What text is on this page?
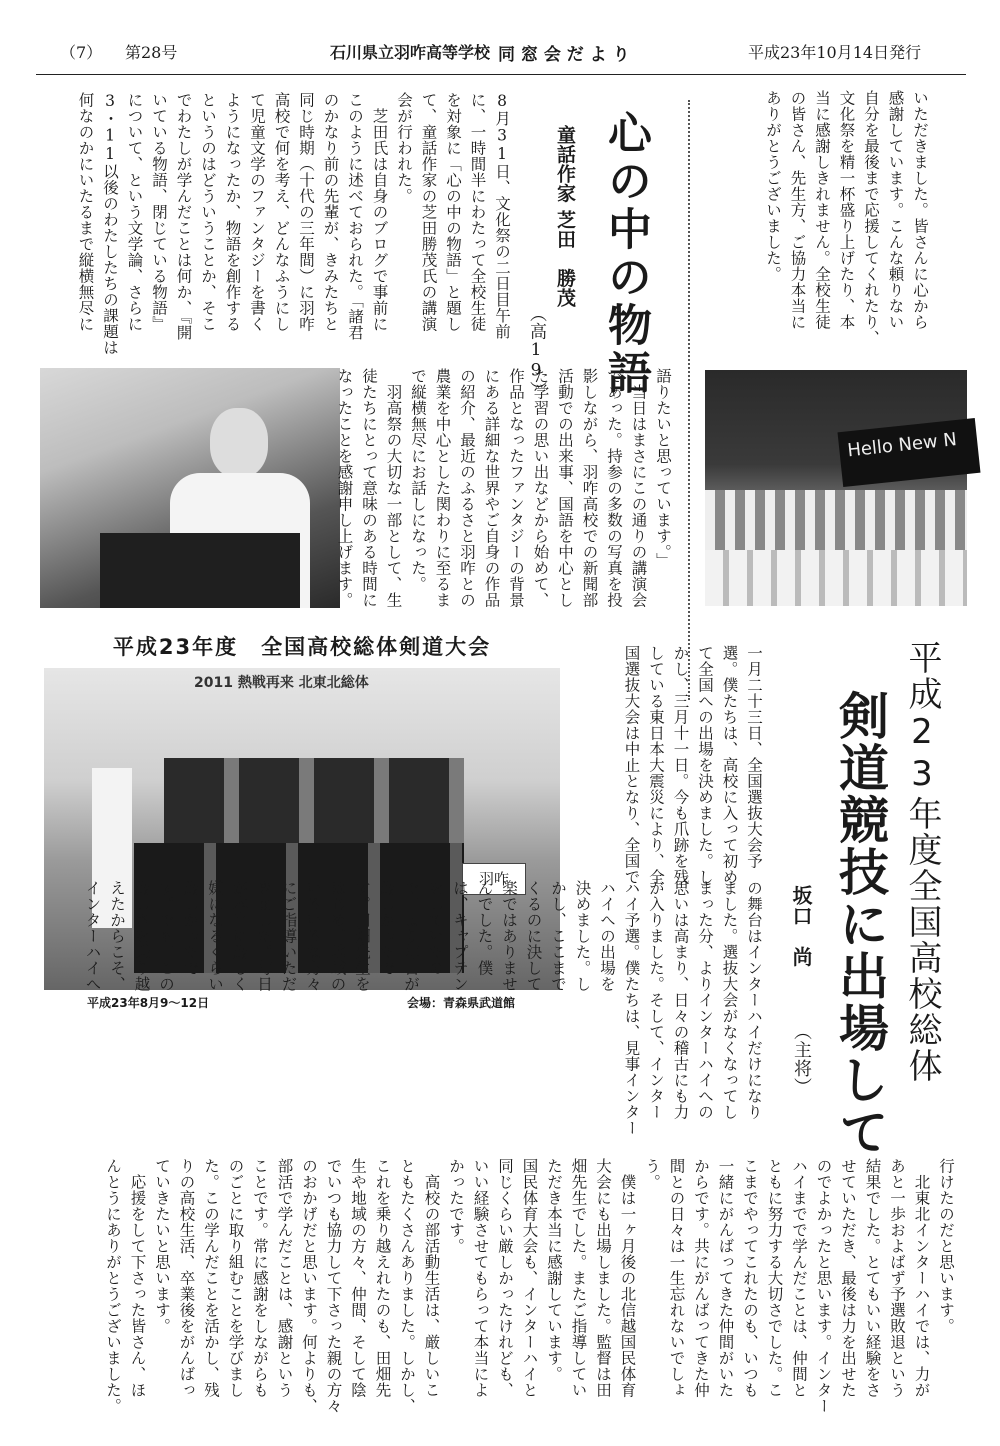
（7） 第28号	石川県立羽咋高等学校 同 窓 会 だ よ り	平成23年10月14日発行
いただきました。皆さんに心から
感謝しています。こんな頼りない
自分を最後まで応援してくれたり、
文化祭を精一杯盛り上げたり、本
当に感謝しきれません。全校生徒
の皆さん、先生方、ご協力本当に
ありがとうございました。
心の中の物語
童話作家
芝田　勝茂
（高19）
8月31日、文化祭の二日目午前
に、一時間半にわたって全校生徒
を対象に「心の中の物語」と題し
て、童話作家の芝田勝茂氏の講演
会が行われた。
　芝田氏は自身のブログで事前に
このように述べておられた。「諸君
のかなり前の先輩が、きみたちと
同じ時期（十代の三年間）に羽咋
高校で何を考え、どんなふうにし
て児童文学のファンタジーを書く
ようになったか、物語を創作する
というのはどういうことか、そこ
でわたしが学んだことは何か、『開
いている物語、閉じている物語』
について、という文学論、さらに
3・11以後のわたしたちの課題は
何なのかにいたるまで縦横無尽に
語りたいと思っています。」
　当日はまさにこの通りの講演会
であった。持参の多数の写真を投
影しながら、羽咋高校での新聞部
活動での出来事、国語を中心とし
た学習の思い出などから始めて、
作品となったファンタジーの背景
にある詳細な世界やご自身の作品
の紹介、最近のふるさと羽咋との
農業を中心とした関わりに至るま
で縦横無尽にお話しになった。
　羽高祭の大切な一部として、生
徒たちにとって意味のある時間に
なったことを感謝申し上げます。	Hello New N
平成23年度　全国高校総体剣道大会
2011 熱戦再来 北東北総体
羽咋
平成23年8月9～12日	会場：青森県武道館	平成23年度全国高校総体
剣道競技に出場して
坂口　尚
（主将）
一月二十三日、全国選抜大会予
選。僕たちは、高校に入って初め
て全国への出場を決めました。し
かし、三月十一日。今も爪跡を残
している東日本大震災により、全
国選抜大会は中止となり、全国で
の舞台はインターハイだけになり
ました。選抜大会がなくなってし
まった分、よりインターハイへの
思いは高まり、日々の稽古にも力
が入りました。そして、インター
ハイ予選。僕たちは、見事インター
ハイへの出場を
決めました。し
かし、ここまで
くるのに決して
楽ではありませ
んでした。僕
は、キャプテン
をしていたの
で、より毎日が
厳しかったで
す。田畑先生を
はじめ、地域の
いろいろな方々
にご指導いただ
きました。毎日
が本当に厳しく
嫌になるくらい
厳しかったで
す。でも、この
厳しさを乗り越
えたからこそ、
インターハイへ
行けたのだと思います。
　北東北インターハイでは、力が
あと一歩およばず予選敗退という
結果でした。とてもいい経験をさ
せていただき、最後は力を出せた
のでよかったと思います。インター
ハイまでで学んだことは、仲間と
ともに努力する大切さでした。こ
こまでやってこれたのも、いつも
一緒にがんばってきた仲間がいた
からです。共にがんばってきた仲
間との日々は一生忘れないでしょ
う。
　僕は一ヶ月後の北信越国民体育
大会にも出場しました。監督は田
畑先生でした。またご指導してい
ただき本当に感謝しています。
国民体育大会も、インターハイと
同じくらい厳しかったけれども、
いい経験させてもらって本当によ
かったです。
　高校の部活動生活は、厳しいこ
ともたくさんありました。しかし、
これを乗り越えれたのも、田畑先
生や地域の方々、仲間、そして陰
でいつも協力して下さった親の方々
のおかげだと思います。何よりも、
部活で学んだことは、感謝という
ことです。常に感謝をしながらも
のごとに取り組むことを学びまし
た。この学んだことを活かし、残
りの高校生活、卒業後をがんばっ
ていきたいと思います。
　応援をして下さった皆さん、ほ
んとうにありがとうございました。
